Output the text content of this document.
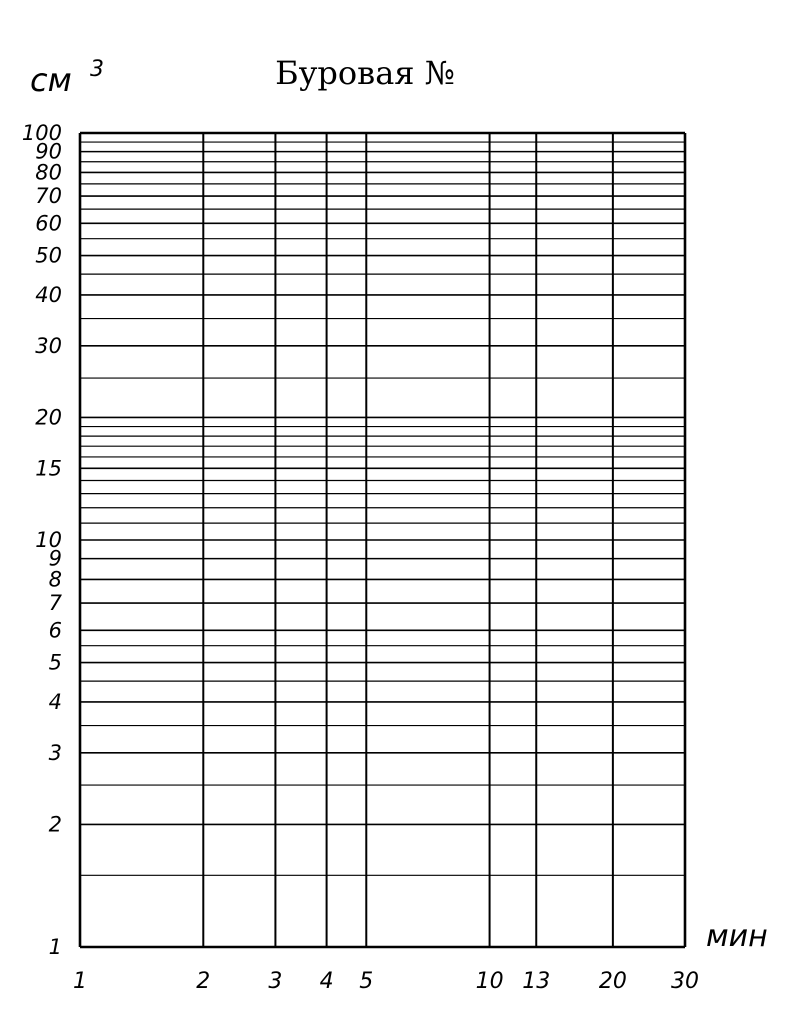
Буровая №
см 3
мин
1	2	3 4 5	10 13 20 30
1
2
3
4
5
6
7
8
9
10
15
20
30
40
50
60
70
80
90
100
